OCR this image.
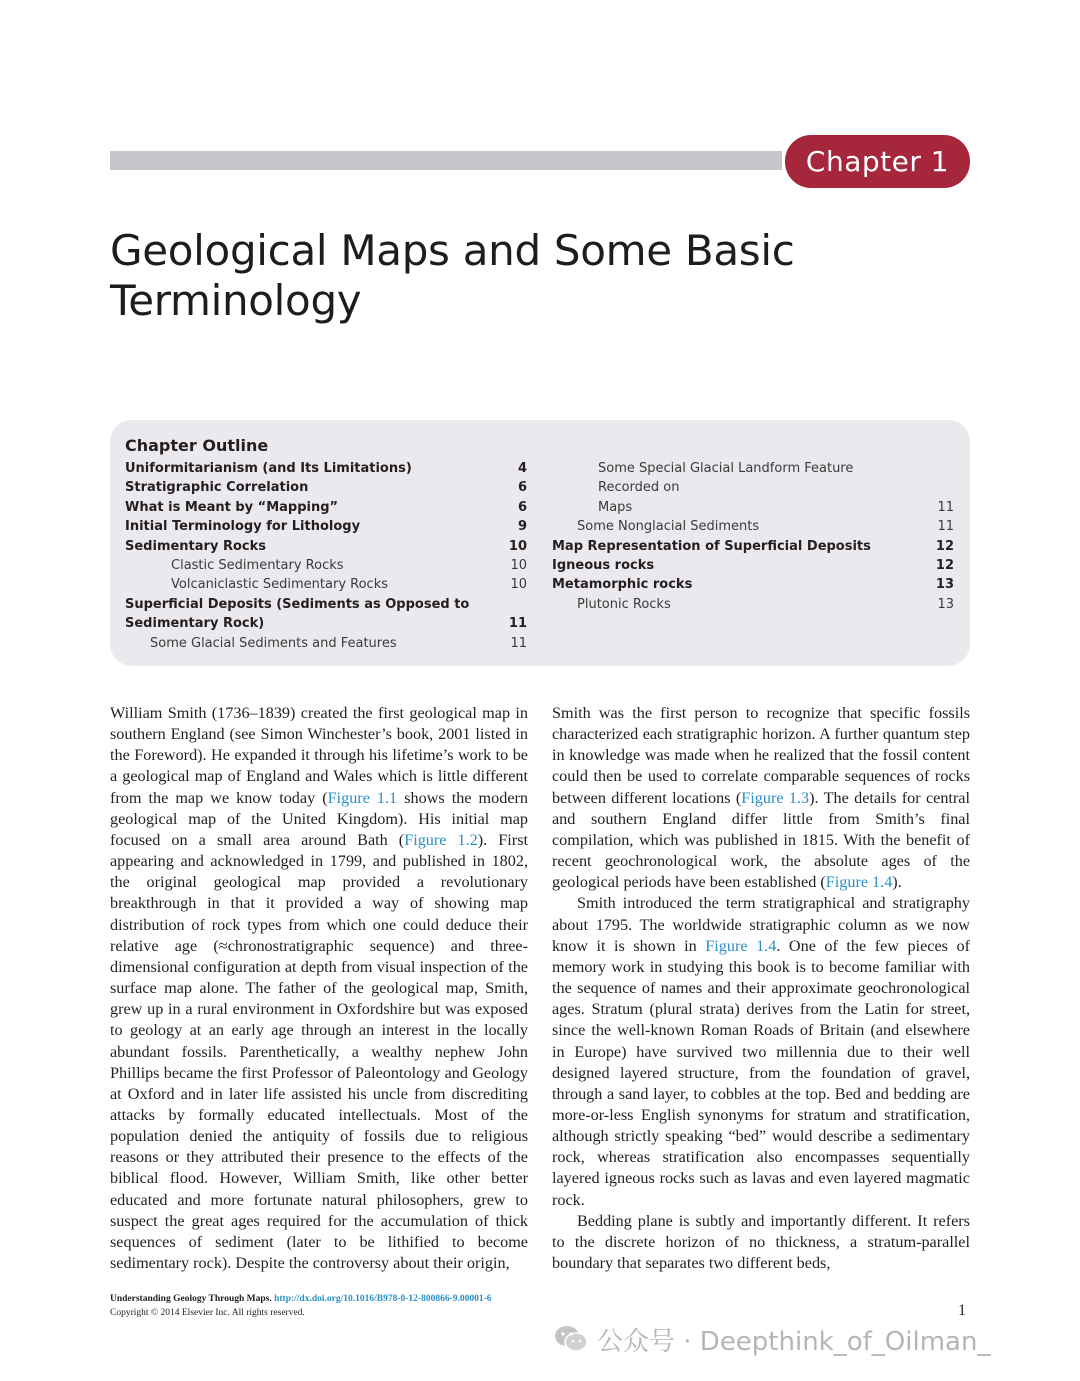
Chapter 1
Geological Maps and Some Basic
Terminology
Chapter Outline
Uniformitarianism (and Its Limitations)	4
Stratigraphic Correlation	6
What is Meant by “Mapping”	6
Initial Terminology for Lithology	9
Sedimentary Rocks	10
Clastic Sedimentary Rocks	10
Volcaniclastic Sedimentary Rocks	10
Superficial Deposits (Sediments as Opposed to
Sedimentary Rock)	11
Some Glacial Sediments and Features	11
Some Special Glacial Landform Feature Recorded on
Maps	11
Some Nonglacial Sediments	11
Map Representation of Superficial Deposits	12
Igneous rocks	12
Metamorphic rocks	13
Plutonic Rocks	13

William Smith (1736–1839) created the first geological map in southern England (see Simon Winchester’s book, 2001 listed in the Foreword). He expanded it through his lifetime’s work to be a geological map of England and Wales which is little different from the map we know today (Figure 1.1 shows the modern geological map of the United Kingdom). His initial map focused on a small area around Bath (Figure 1.2). First appearing and acknowledged in 1799, and published in 1802, the original geological map provided a revolutionary breakthrough in that it provided a way of showing map distribution of rock types from which one could deduce their relative age (≈chronostratigraphic sequence) and three-dimensional configuration at depth from visual inspection of the surface map alone. The father of the geological map, Smith, grew up in a rural environment in Oxfordshire but was exposed to geology at an early age through an interest in the locally abundant fossils. Parenthetically, a wealthy nephew John Phillips became the first Professor of Paleontology and Geology at Oxford and in later life assisted his uncle from discrediting attacks by formally educated intellectuals. Most of the population denied the antiquity of fossils due to religious reasons or they attributed their presence to the effects of the biblical flood. However, William Smith, like other better educated and more fortunate natural philosophers, grew to suspect the great ages required for the accumulation of thick sequences of sediment (later to be lithified to become sedimentary rock). Despite the controversy about their origin,

Smith was the first person to recognize that specific fossils characterized each stratigraphic horizon. A further quantum step in knowledge was made when he realized that the fossil content could then be used to correlate comparable sequences of rocks between different locations (Figure 1.3). The details for central and southern England differ little from Smith’s final compilation, which was published in 1815. With the benefit of recent geochronological work, the absolute ages of the geological periods have been established (Figure 1.4).

Smith introduced the term stratigraphical and stratigraphy about 1795. The worldwide stratigraphic column as we now know it is shown in Figure 1.4. One of the few pieces of memory work in studying this book is to become familiar with the sequence of names and their approximate geochronological ages. Stratum (plural strata) derives from the Latin for street, since the well-known Roman Roads of Britain (and elsewhere in Europe) have survived two millennia due to their well designed layered structure, from the foundation of gravel, through a sand layer, to cobbles at the top. Bed and bedding are more-or-less English synonyms for stratum and stratification, although strictly speaking “bed” would describe a sedimentary rock, whereas stratification also encompasses sequentially layered igneous rocks such as lavas and even layered magmatic rock.

Bedding plane is subtly and importantly different. It refers to the discrete horizon of no thickness, a stratum-parallel boundary that separates two different beds,

Understanding Geology Through Maps. http://dx.doi.org/10.1016/B978-0-12-800866-9.00001-6
Copyright © 2014 Elsevier Inc. All rights reserved.	1
公众号 · Deepthink_of_Oilman_
